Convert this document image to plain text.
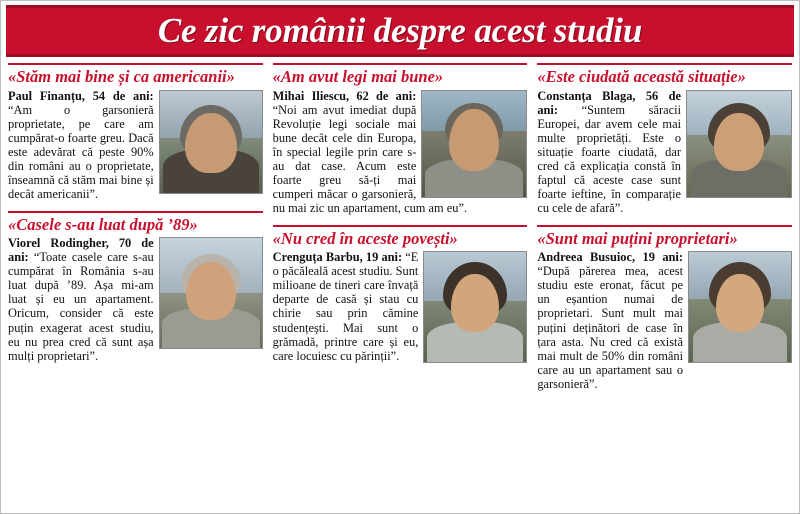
Ce zic românii despre acest studiu
«Stăm mai bine și ca americanii»
Paul Finanțu, 54 de ani: “Am o garsonieră proprietate, pe care am cumpărat-o foarte greu. Dacă este adevărat că peste 90% din români au o proprietate, înseamnă că stăm mai bine și decât americanii”.
«Casele s-au luat după ’89»
Viorel Rodingher, 70 de ani: “Toate casele care s-au cumpărat în România s-au luat după ’89. Așa mi-am luat și eu un apartament. Oricum, consider că este puțin exagerat acest studiu, eu nu prea cred că sunt așa mulți proprietari”.
«Am avut legi mai bune»
Mihai Iliescu, 62 de ani: “Noi am avut imediat după Revoluție legi sociale mai bune decât cele din Europa, în special legile prin care s-au dat case. Acum este foarte greu să-ți mai cumperi măcar o garsonieră, nu mai zic un apartament, cum am eu”.
«Nu cred în aceste povești»
Crenguța Barbu, 19 ani: “E o păcăleală acest studiu. Sunt milioane de tineri care învață departe de casă și stau cu chirie sau prin cămine studențești. Mai sunt o grămadă, printre care și eu, care locuiesc cu părinții”.
«Este ciudată această situație»
Constanța Blaga, 56 de ani: “Suntem săracii Europei, dar avem cele mai multe proprietăți. Este o situație foarte ciudată, dar cred că explicația constă în faptul că aceste case sunt foarte ieftine, în comparație cu cele de afară”.
«Sunt mai puțini proprietari»
Andreea Busuioc, 19 ani: “După părerea mea, acest studiu este eronat, făcut pe un eșantion numai de proprietari. Sunt mult mai puțini deținători de case în țara asta. Nu cred că există mai mult de 50% din români care au un apartament sau o garsonieră”.
